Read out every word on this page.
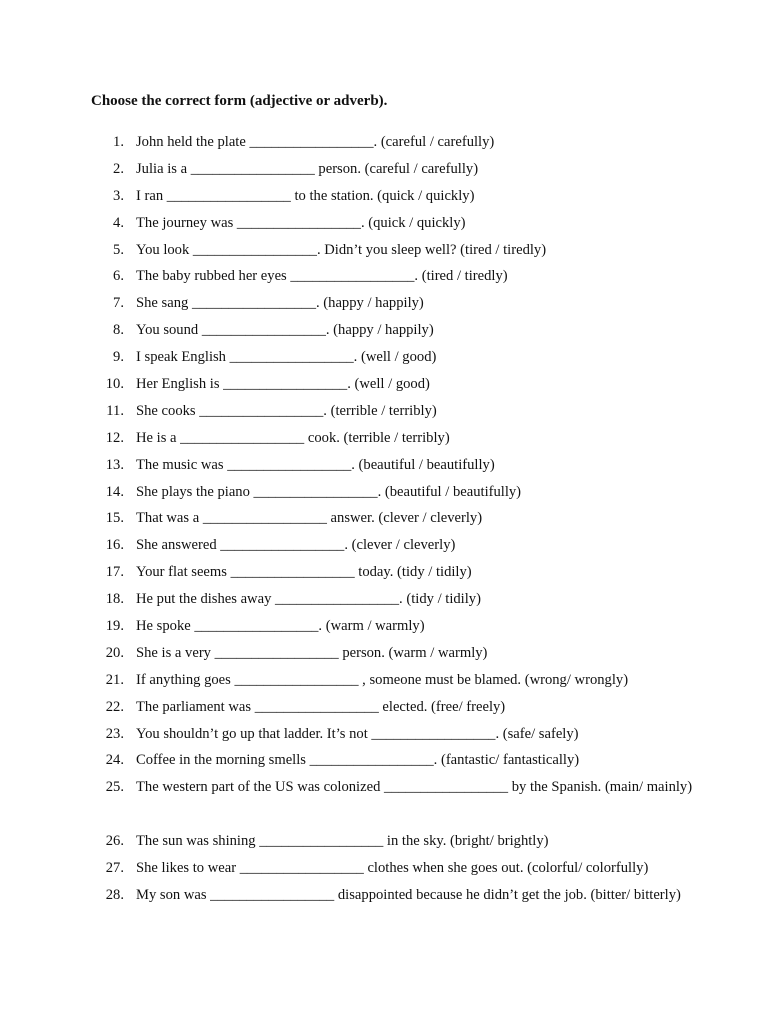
Choose the correct form (adjective or adverb).
1. John held the plate _________________. (careful / carefully)
2. Julia is a _________________ person. (careful / carefully)
3. I ran _________________ to the station. (quick / quickly)
4. The journey was _________________. (quick / quickly)
5. You look _________________. Didn’t you sleep well? (tired / tiredly)
6. The baby rubbed her eyes _________________. (tired / tiredly)
7. She sang _________________. (happy / happily)
8. You sound _________________. (happy / happily)
9. I speak English _________________. (well / good)
10. Her English is _________________. (well / good)
11. She cooks _________________. (terrible / terribly)
12. He is a _________________ cook. (terrible / terribly)
13. The music was _________________. (beautiful / beautifully)
14. She plays the piano _________________. (beautiful / beautifully)
15. That was a _________________ answer. (clever / cleverly)
16. She answered _________________. (clever / cleverly)
17. Your flat seems _________________ today. (tidy / tidily)
18. He put the dishes away _________________. (tidy / tidily)
19. He spoke _________________. (warm / warmly)
20. She is a very _________________ person. (warm / warmly)
21. If anything goes _________________ , someone must be blamed. (wrong/ wrongly)
22. The parliament was _________________ elected. (free/ freely)
23. You shouldn’t go up that ladder. It’s not _________________. (safe/ safely)
24. Coffee in the morning smells _________________. (fantastic/ fantastically)
25. The western part of the US was colonized _________________ by the Spanish. (main/ mainly)
26. The sun was shining _________________ in the sky. (bright/ brightly)
27. She likes to wear _________________ clothes when she goes out. (colorful/ colorfully)
28. My son was _________________ disappointed because he didn’t get the job. (bitter/ bitterly)
